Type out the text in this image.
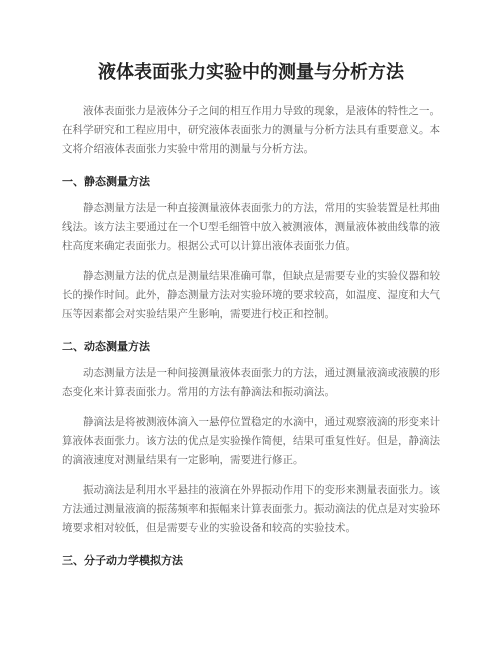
液体表面张力实验中的测量与分析方法

液体表面张力是液体分子之间的相互作用力导致的现象，是液体的特性之一。在科学研究和工程应用中，研究液体表面张力的测量与分析方法具有重要意义。本文将介绍液体表面张力实验中常用的测量与分析方法。

一、静态测量方法

静态测量方法是一种直接测量液体表面张力的方法，常用的实验装置是杜邦曲线法。该方法主要通过在一个U型毛细管中放入被测液体，测量液体被曲线靠的液柱高度来确定表面张力。根据公式可以计算出液体表面张力值。

静态测量方法的优点是测量结果准确可靠，但缺点是需要专业的实验仪器和较长的操作时间。此外，静态测量方法对实验环境的要求较高，如温度、湿度和大气压等因素都会对实验结果产生影响，需要进行校正和控制。

二、动态测量方法

动态测量方法是一种间接测量液体表面张力的方法，通过测量液滴或液膜的形态变化来计算表面张力。常用的方法有静滴法和振动滴法。

静滴法是将被测液体滴入一悬停位置稳定的水滴中，通过观察液滴的形变来计算液体表面张力。该方法的优点是实验操作简便，结果可重复性好。但是，静滴法的滴液速度对测量结果有一定影响，需要进行修正。

振动滴法是利用水平悬挂的液滴在外界振动作用下的变形来测量表面张力。该方法通过测量液滴的振荡频率和振幅来计算表面张力。振动滴法的优点是对实验环境要求相对较低，但是需要专业的实验设备和较高的实验技术。

三、分子动力学模拟方法
